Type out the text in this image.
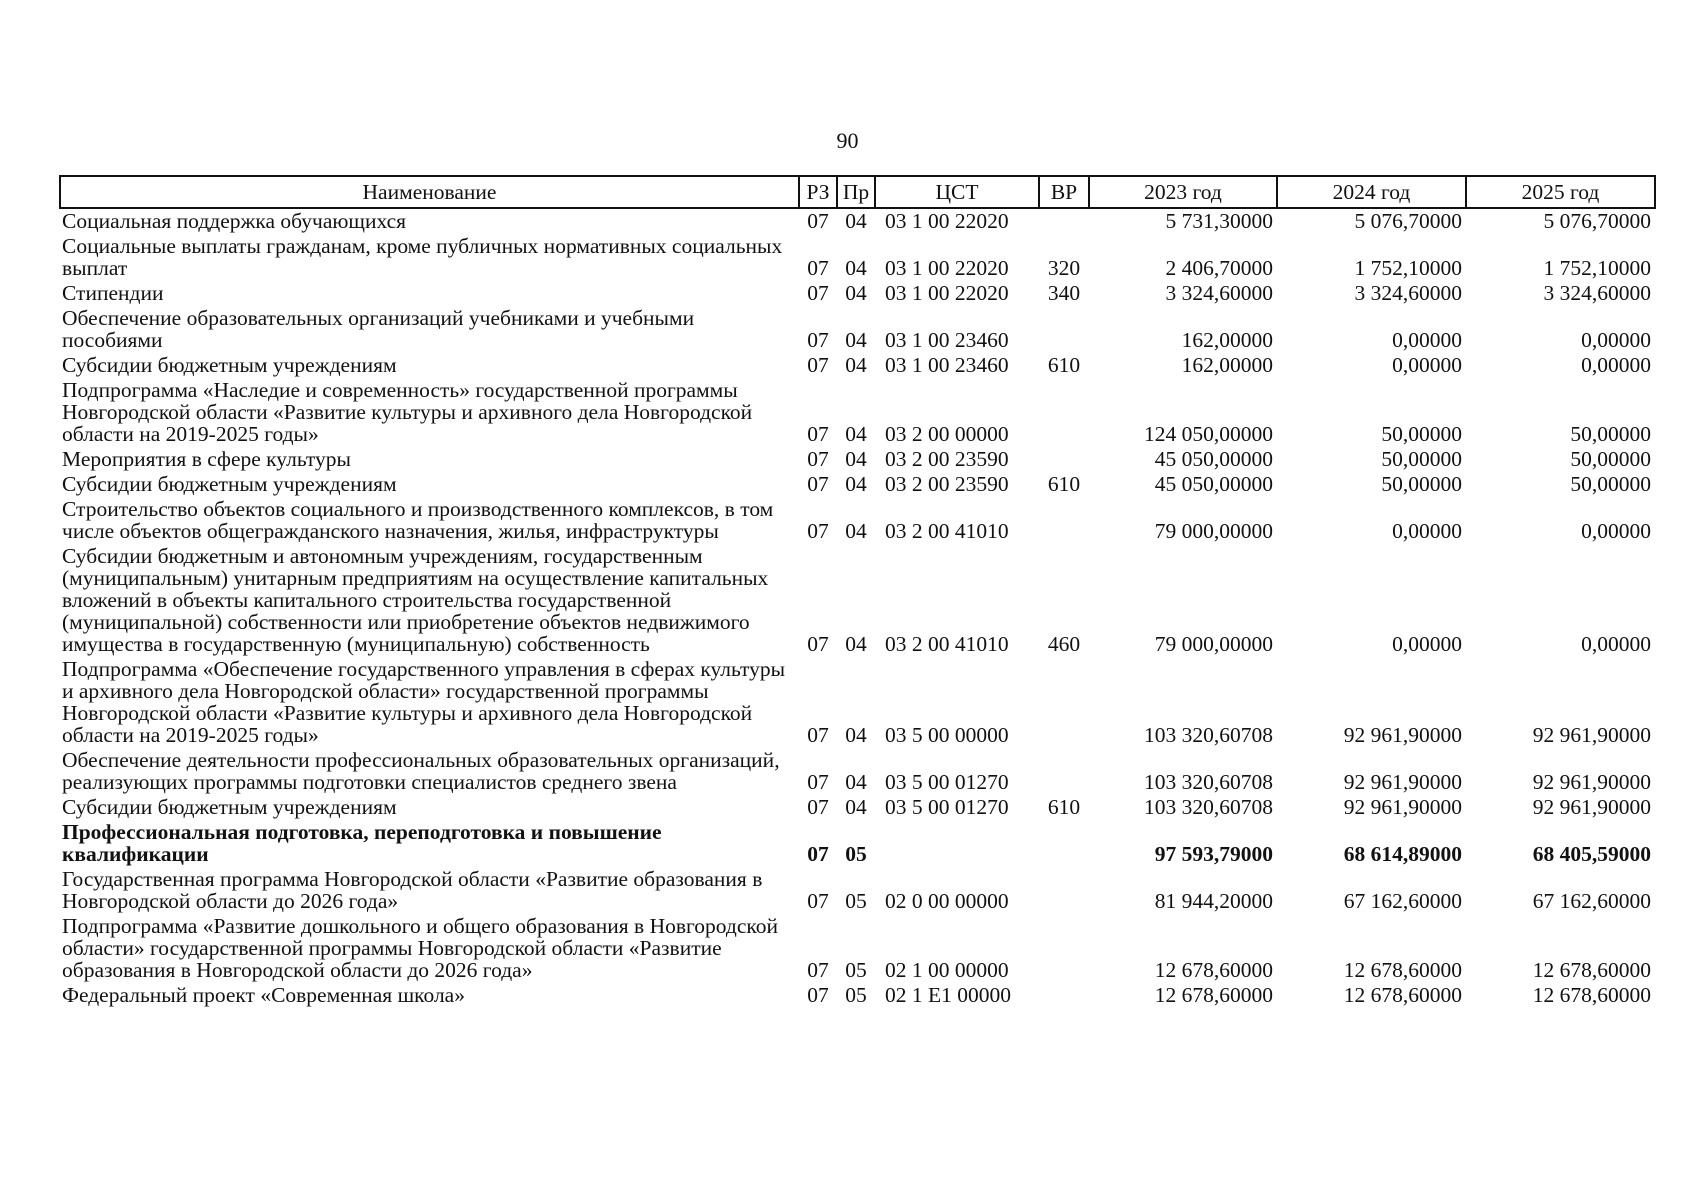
90
Наименование	РЗ	Пр	ЦСТ	ВР	2023 год	2024 год	2025 год
Социальная поддержка обучающихся	07	04	03 1 00 22020		5 731,30000	5 076,70000	5 076,70000
Социальные выплаты гражданам, кроме публичных нормативных социальных выплат	07	04	03 1 00 22020	320	2 406,70000	1 752,10000	1 752,10000
Стипендии	07	04	03 1 00 22020	340	3 324,60000	3 324,60000	3 324,60000
Обеспечение образовательных организаций учебниками и учебными пособиями	07	04	03 1 00 23460		162,00000	0,00000	0,00000
Субсидии бюджетным учреждениям	07	04	03 1 00 23460	610	162,00000	0,00000	0,00000
Подпрограмма «Наследие и современность» государственной программы Новгородской области «Развитие культуры и архивного дела Новгородской области на 2019-2025 годы»	07	04	03 2 00 00000		124 050,00000	50,00000	50,00000
Мероприятия в сфере культуры	07	04	03 2 00 23590		45 050,00000	50,00000	50,00000
Субсидии бюджетным учреждениям	07	04	03 2 00 23590	610	45 050,00000	50,00000	50,00000
Строительство объектов социального и производственного комплексов, в том числе объектов общегражданского назначения, жилья, инфраструктуры	07	04	03 2 00 41010		79 000,00000	0,00000	0,00000
Субсидии бюджетным и автономным учреждениям, государственным (муниципальным) унитарным предприятиям на осуществление капитальных вложений в объекты капитального строительства государственной (муниципальной) собственности или приобретение объектов недвижимого имущества в государственную (муниципальную) собственность	07	04	03 2 00 41010	460	79 000,00000	0,00000	0,00000
Подпрограмма «Обеспечение государственного управления в сферах культуры и архивного дела Новгородской области» государственной программы Новгородской области «Развитие культуры и архивного дела Новгородской области на 2019-2025 годы»	07	04	03 5 00 00000		103 320,60708	92 961,90000	92 961,90000
Обеспечение деятельности профессиональных образовательных организаций, реализующих программы подготовки специалистов среднего звена	07	04	03 5 00 01270		103 320,60708	92 961,90000	92 961,90000
Субсидии бюджетным учреждениям	07	04	03 5 00 01270	610	103 320,60708	92 961,90000	92 961,90000
Профессиональная подготовка, переподготовка и повышение квалификации	07	05			97 593,79000	68 614,89000	68 405,59000
Государственная программа Новгородской области «Развитие образования в Новгородской области до 2026 года»	07	05	02 0 00 00000		81 944,20000	67 162,60000	67 162,60000
Подпрограмма «Развитие дошкольного и общего образования в Новгородской области» государственной программы Новгородской области «Развитие образования в Новгородской области до 2026 года»	07	05	02 1 00 00000		12 678,60000	12 678,60000	12 678,60000
Федеральный проект «Современная школа»	07	05	02 1 E1 00000		12 678,60000	12 678,60000	12 678,60000
